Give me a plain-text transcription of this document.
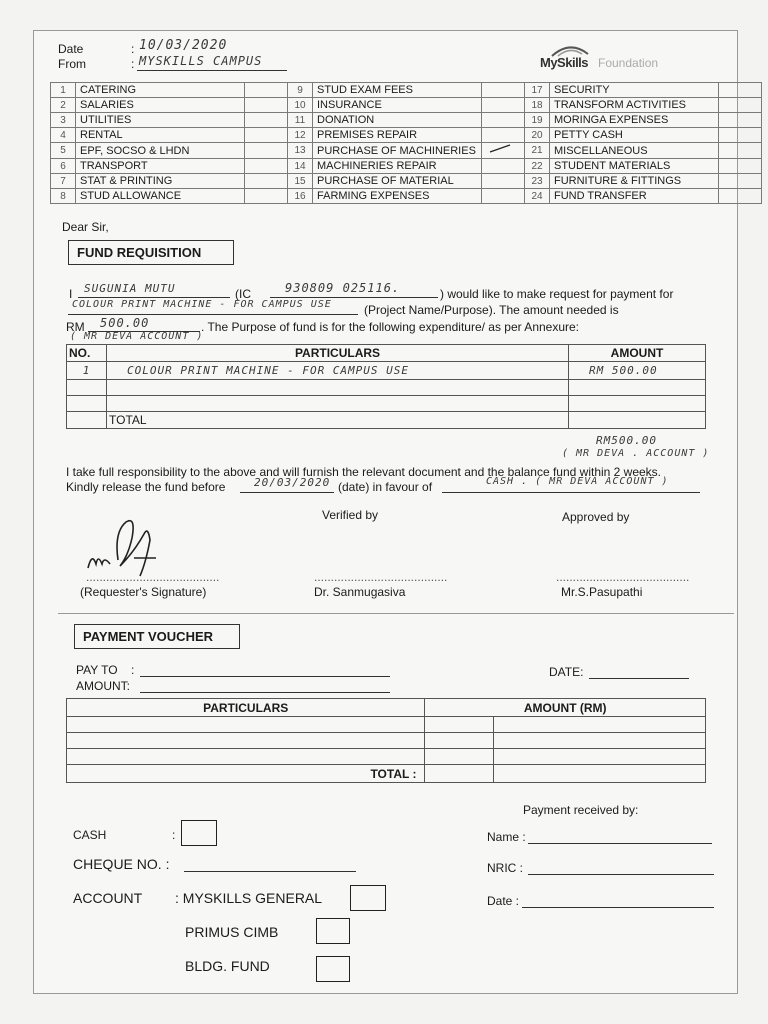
Date	: 10/03/2020
From	: MYSKILLS CAMPUS	MySkills Foundation
1	CATERING		9	STUD EXAM FEES		17	SECURITY	
2	SALARIES		10	INSURANCE		18	TRANSFORM ACTIVITIES	
3	UTILITIES		11	DONATION		19	MORINGA EXPENSES	
4	RENTAL		12	PREMISES REPAIR		20	PETTY CASH	
5	EPF, SOCSO & LHDN		13	PURCHASE OF MACHINERIES		21	MISCELLANEOUS	
6	TRANSPORT		14	MACHINERIES REPAIR		22	STUDENT MATERIALS	
7	STAT & PRINTING		15	PURCHASE OF MATERIAL		23	FURNITURE & FITTINGS	
8	STUD ALLOWANCE		16	FARMING EXPENSES		24	FUND TRANSFER	
Dear Sir,
FUND REQUISITION
I SUGUNIA MUTU	(IC	930809 025116.	) would like to make request for payment for
COLOUR PRINT MACHINE - FOR CAMPUS USE	(Project Name/Purpose). The amount needed is
RM 500.00	. The Purpose of fund is for the following expenditure/ as per Annexure:
( MR DEVA ACCOUNT )
NO.	PARTICULARS	AMOUNT
1	COLOUR PRINT MACHINE - FOR CAMPUS USE	RM 500.00

	TOTAL	
RM500.00
( MR DEVA . ACCOUNT )
I take full responsibility to the above and will furnish the relevant document and the balance fund within 2 weeks.
Kindly release the fund before	20/03/2020 (date) in favour of	CASH . ( MR DEVA ACCOUNT )
Verified by	Approved by
........................................	........................................	........................................
(Requester's Signature)	Dr. Sanmugasiva	Mr.S.Pasupathi
PAYMENT VOUCHER
PAY TO :
AMOUNT:
DATE:
PARTICULARS	AMOUNT (RM)	

TOTAL :		
Payment received by:
CASH	:
CHEQUE NO. :
ACCOUNT : MYSKILLS GENERAL
PRIMUS CIMB
BLDG. FUND
Name :
NRIC :
Date :
